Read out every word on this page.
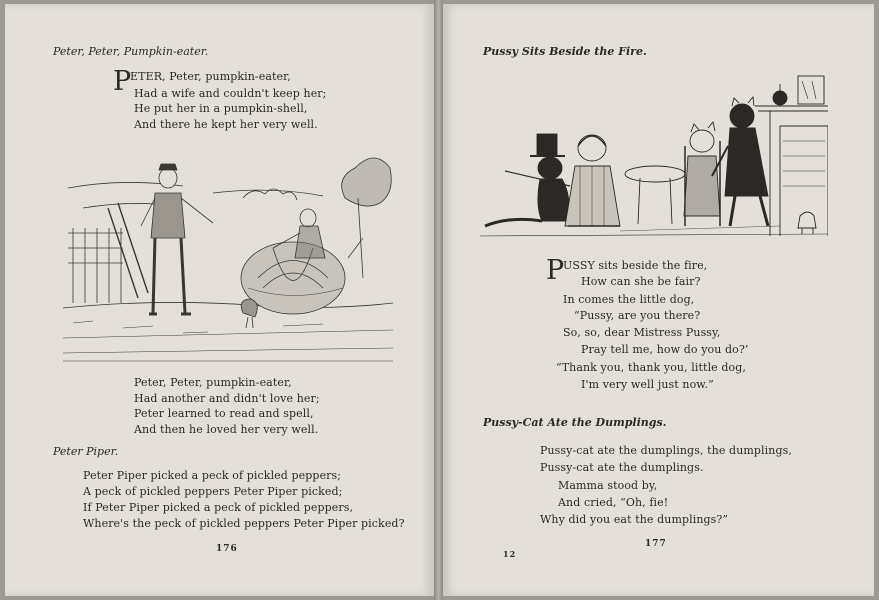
Peter, Peter, Pumpkin-eater.
P
ETER, Peter, pumpkin-eater,
Had a wife and couldn't keep her;
He put her in a pumpkin-shell,
And there he kept her very well.
Peter, Peter, pumpkin-eater,
Had another and didn't love her;
Peter learned to read and spell,
And then he loved her very well.
Peter Piper.
Peter Piper picked a peck of pickled peppers;
A peck of pickled peppers Peter Piper picked;
If Peter Piper picked a peck of pickled peppers,
Where's the peck of pickled peppers Peter Piper picked?
176
Pussy Sits Beside the Fire.
P
USSY sits beside the fire,
How can she be fair?
In comes the little dog,
“Pussy, are you there?
So, so, dear Mistress Pussy,
Pray tell me, how do you do?’
“Thank you, thank you, little dog,
I'm very well just now.”
Pussy-Cat Ate the Dumplings.
Pussy-cat ate the dumplings, the dumplings,
Pussy-cat ate the dumplings.
Mamma stood by,
And cried, “Oh, fie!
Why did you eat the dumplings?”
12
177
